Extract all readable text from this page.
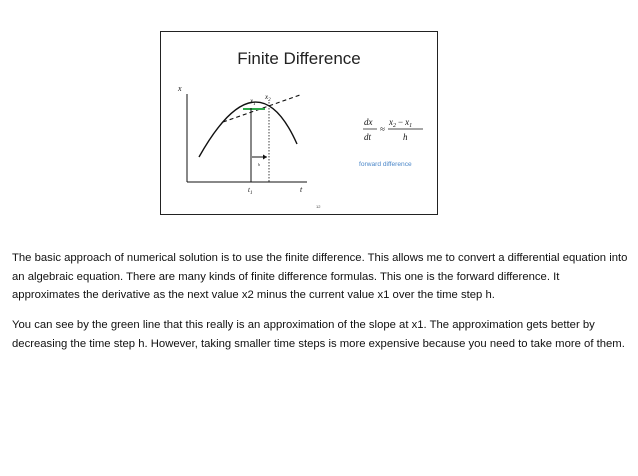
Finite Difference
x
t
h
$x_1$
$x_2$
$t_1$
dx
dt
≈
$x_2 - x_1$
h
forward difference
12

The basic approach of numerical solution is to use the finite difference. This allows me to convert a differential equation into an algebraic equation. There are many kinds of finite difference formulas. This one is the forward difference. It approximates the derivative as the next value x2 minus the current value x1 over the time step h.

You can see by the green line that this really is an approximation of the slope at x1. The approximation gets better by decreasing the time step h. However, taking smaller time steps is more expensive because you need to take more of them.
